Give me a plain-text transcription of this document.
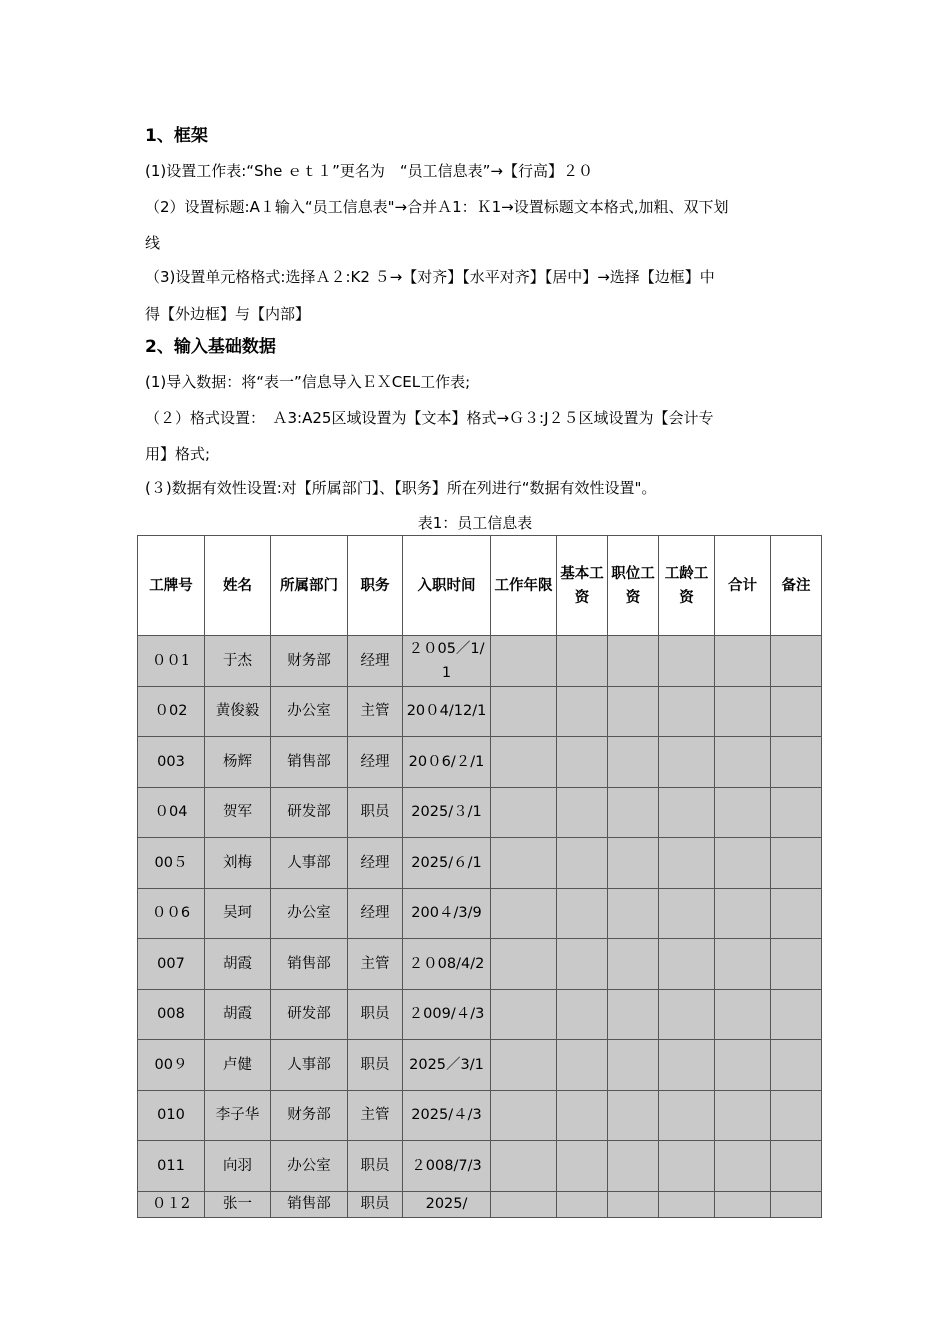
1、框架
(1)设置工作表:“She ｅｔ１”更名为　“员工信息表”→【行高】２０
（2）设置标题:A１输入“员工信息表"→合并Ａ1：Ｋ1→设置标题文本格式,加粗、双下划
线
（3)设置单元格格式:选择Ａ２:K2 ５→【对齐】【水平对齐】【居中】→选择【边框】中
得【外边框】与【内部】
2、输入基础数据
(1)导入数据：将“表一”信息导入ＥＸCEL工作表;
（２）格式设置：　Ａ3:A25区域设置为【文本】格式→Ｇ３:J２５区域设置为【会计专
用】格式;
(３)数据有效性设置:对【所属部门】、【职务】所在列进行“数据有效性设置"。
表1：员工信息表
工牌号	姓名	所属部门	职务	入职时间	工作年限	基本工资	职位工资	工龄工资	合计	备注
００1	于杰	财务部	经理	２０05／1/1						
０02	黄俊毅	办公室	主管	20０4/12/1						
003	杨辉	销售部	经理	20０6/２/1						
０04	贺军	研发部	职员	2025/３/1						
00５	刘梅	人事部	经理	2025/６/1						
００6	吴珂	办公室	经理	200４/3/9						
007	胡霞	销售部	主管	２０08/4/2						
008	胡霞	研发部	职员	２009/４/3						
00９	卢健	人事部	职员	2025／3/1						
010	李子华	财务部	主管	2025/４/3						
011	向羽	办公室	职员	２008/7/3						
０１2	张一	销售部	职员	2025/						
